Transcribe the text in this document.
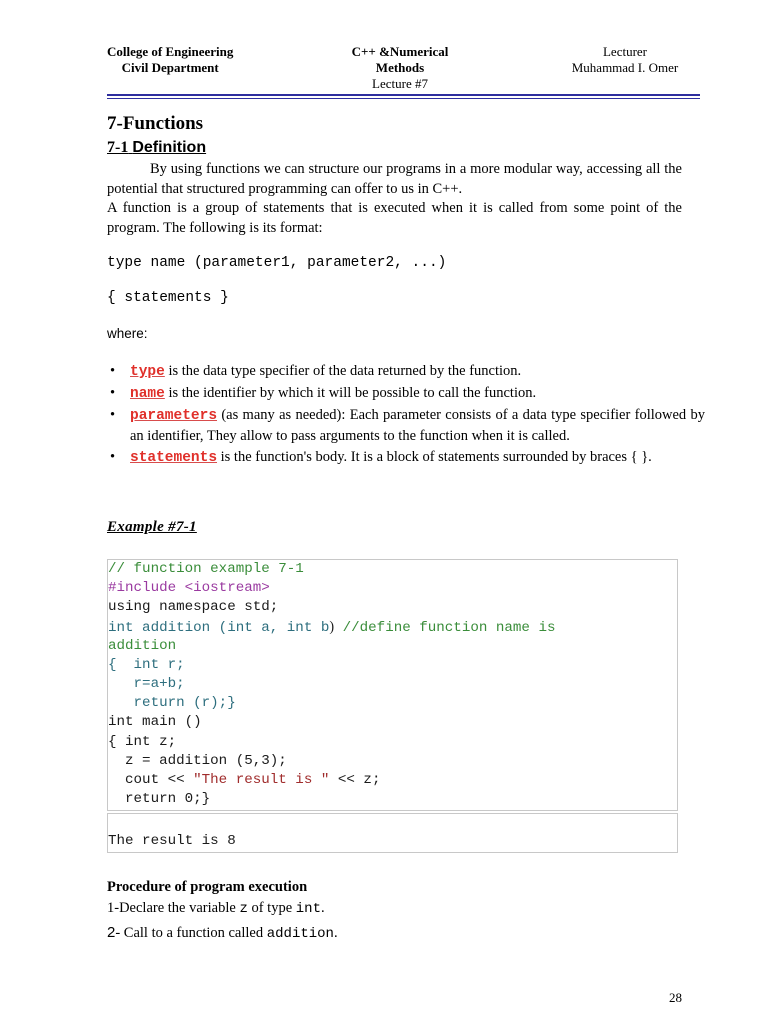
College of Engineering
Civil Department
C++ &Numerical
Methods
Lecture #7
Lecturer
Muhammad I. Omer
7-Functions
7-1 Definition
By using functions we can structure our programs in a more modular way, accessing all the potential that structured programming can offer to us in C++.
A function is a group of statements that is executed when it is called from some point of the program. The following is its format:
type name (parameter1, parameter2, ...)
{ statements }
where:
• type is the data type specifier of the data returned by the function.
• name is the identifier by which it will be possible to call the function.
• parameters (as many as needed): Each parameter consists of a data type specifier followed by an identifier, They allow to pass arguments to the function when it is called.
• statements is the function's body. It is a block of statements surrounded by braces { }.
Example #7-1
// function example 7-1
#include <iostream>
using namespace std;
int addition (int a, int b) //define function name is
addition
{  int r;
r=a+b;
return (r);}
int main ()
{ int z;
z = addition (5,3);
cout << "The result is " << z;
return 0;}
The result is 8
Procedure of program execution
1-Declare the variable z of type int.
2- Call to a function called addition.
28
